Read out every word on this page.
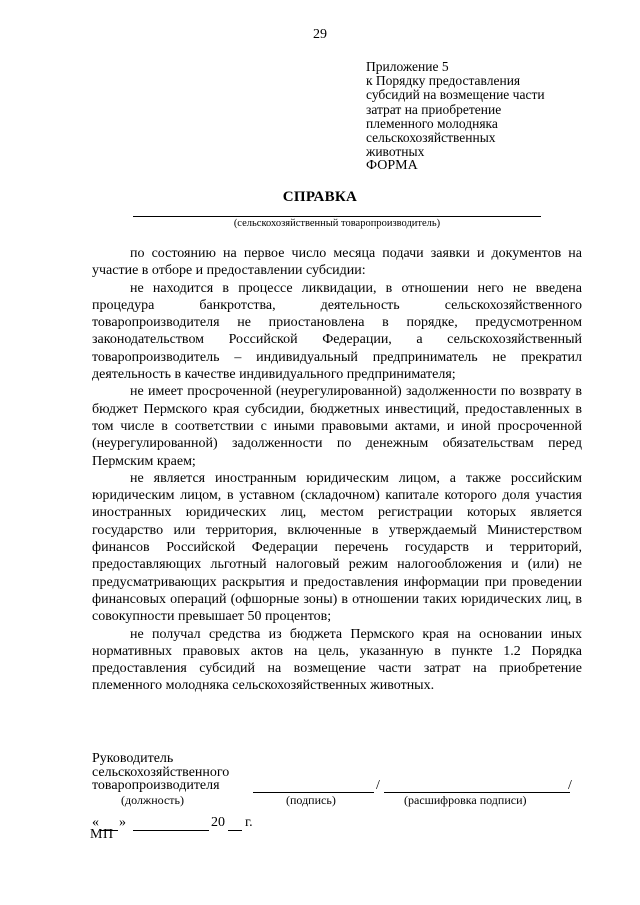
29
Приложение 5
к Порядку предоставления
субсидий на возмещение части
затрат на приобретение
племенного молодняка
сельскохозяйственных
животных
ФОРМА
СПРАВКА
(сельскохозяйственный товаропроизводитель)

по состоянию на первое число месяца подачи заявки и документов на участие в отборе и предоставлении субсидии:

не находится в процессе ликвидации, в отношении него не введена процедура банкротства, деятельность сельскохозяйственного товаропроизводителя не приостановлена в порядке, предусмотренном законодательством Российской Федерации, а сельскохозяйственный товаропроизводитель – индивидуальный предприниматель не прекратил деятельность в качестве индивидуального предпринимателя;

не имеет просроченной (неурегулированной) задолженности по возврату в бюджет Пермского края субсидии, бюджетных инвестиций, предоставленных в том числе в соответствии с иными правовыми актами, и иной просроченной (неурегулированной) задолженности по денежным обязательствам перед Пермским краем;

не является иностранным юридическим лицом, а также российским юридическим лицом, в уставном (складочном) капитале которого доля участия иностранных юридических лиц, местом регистрации которых является государство или территория, включенные в утверждаемый Министерством финансов Российской Федерации перечень государств и территорий, предоставляющих льготный налоговый режим налогообложения и (или) не предусматривающих раскрытия и предоставления информации при проведении финансовых операций (офшорные зоны) в отношении таких юридических лиц, в совокупности превышает 50 процентов;

не получал средства из бюджета Пермского края на основании иных нормативных правовых актов на цель, указанную в пункте 1.2 Порядка предоставления субсидий на возмещение части затрат на приобретение племенного молодняка сельскохозяйственных животных.

Руководитель
сельскохозяйственного
товаропроизводителя	/	/
(должность)	(подпись)	(расшифровка подписи)
« »	20 г.
МП
